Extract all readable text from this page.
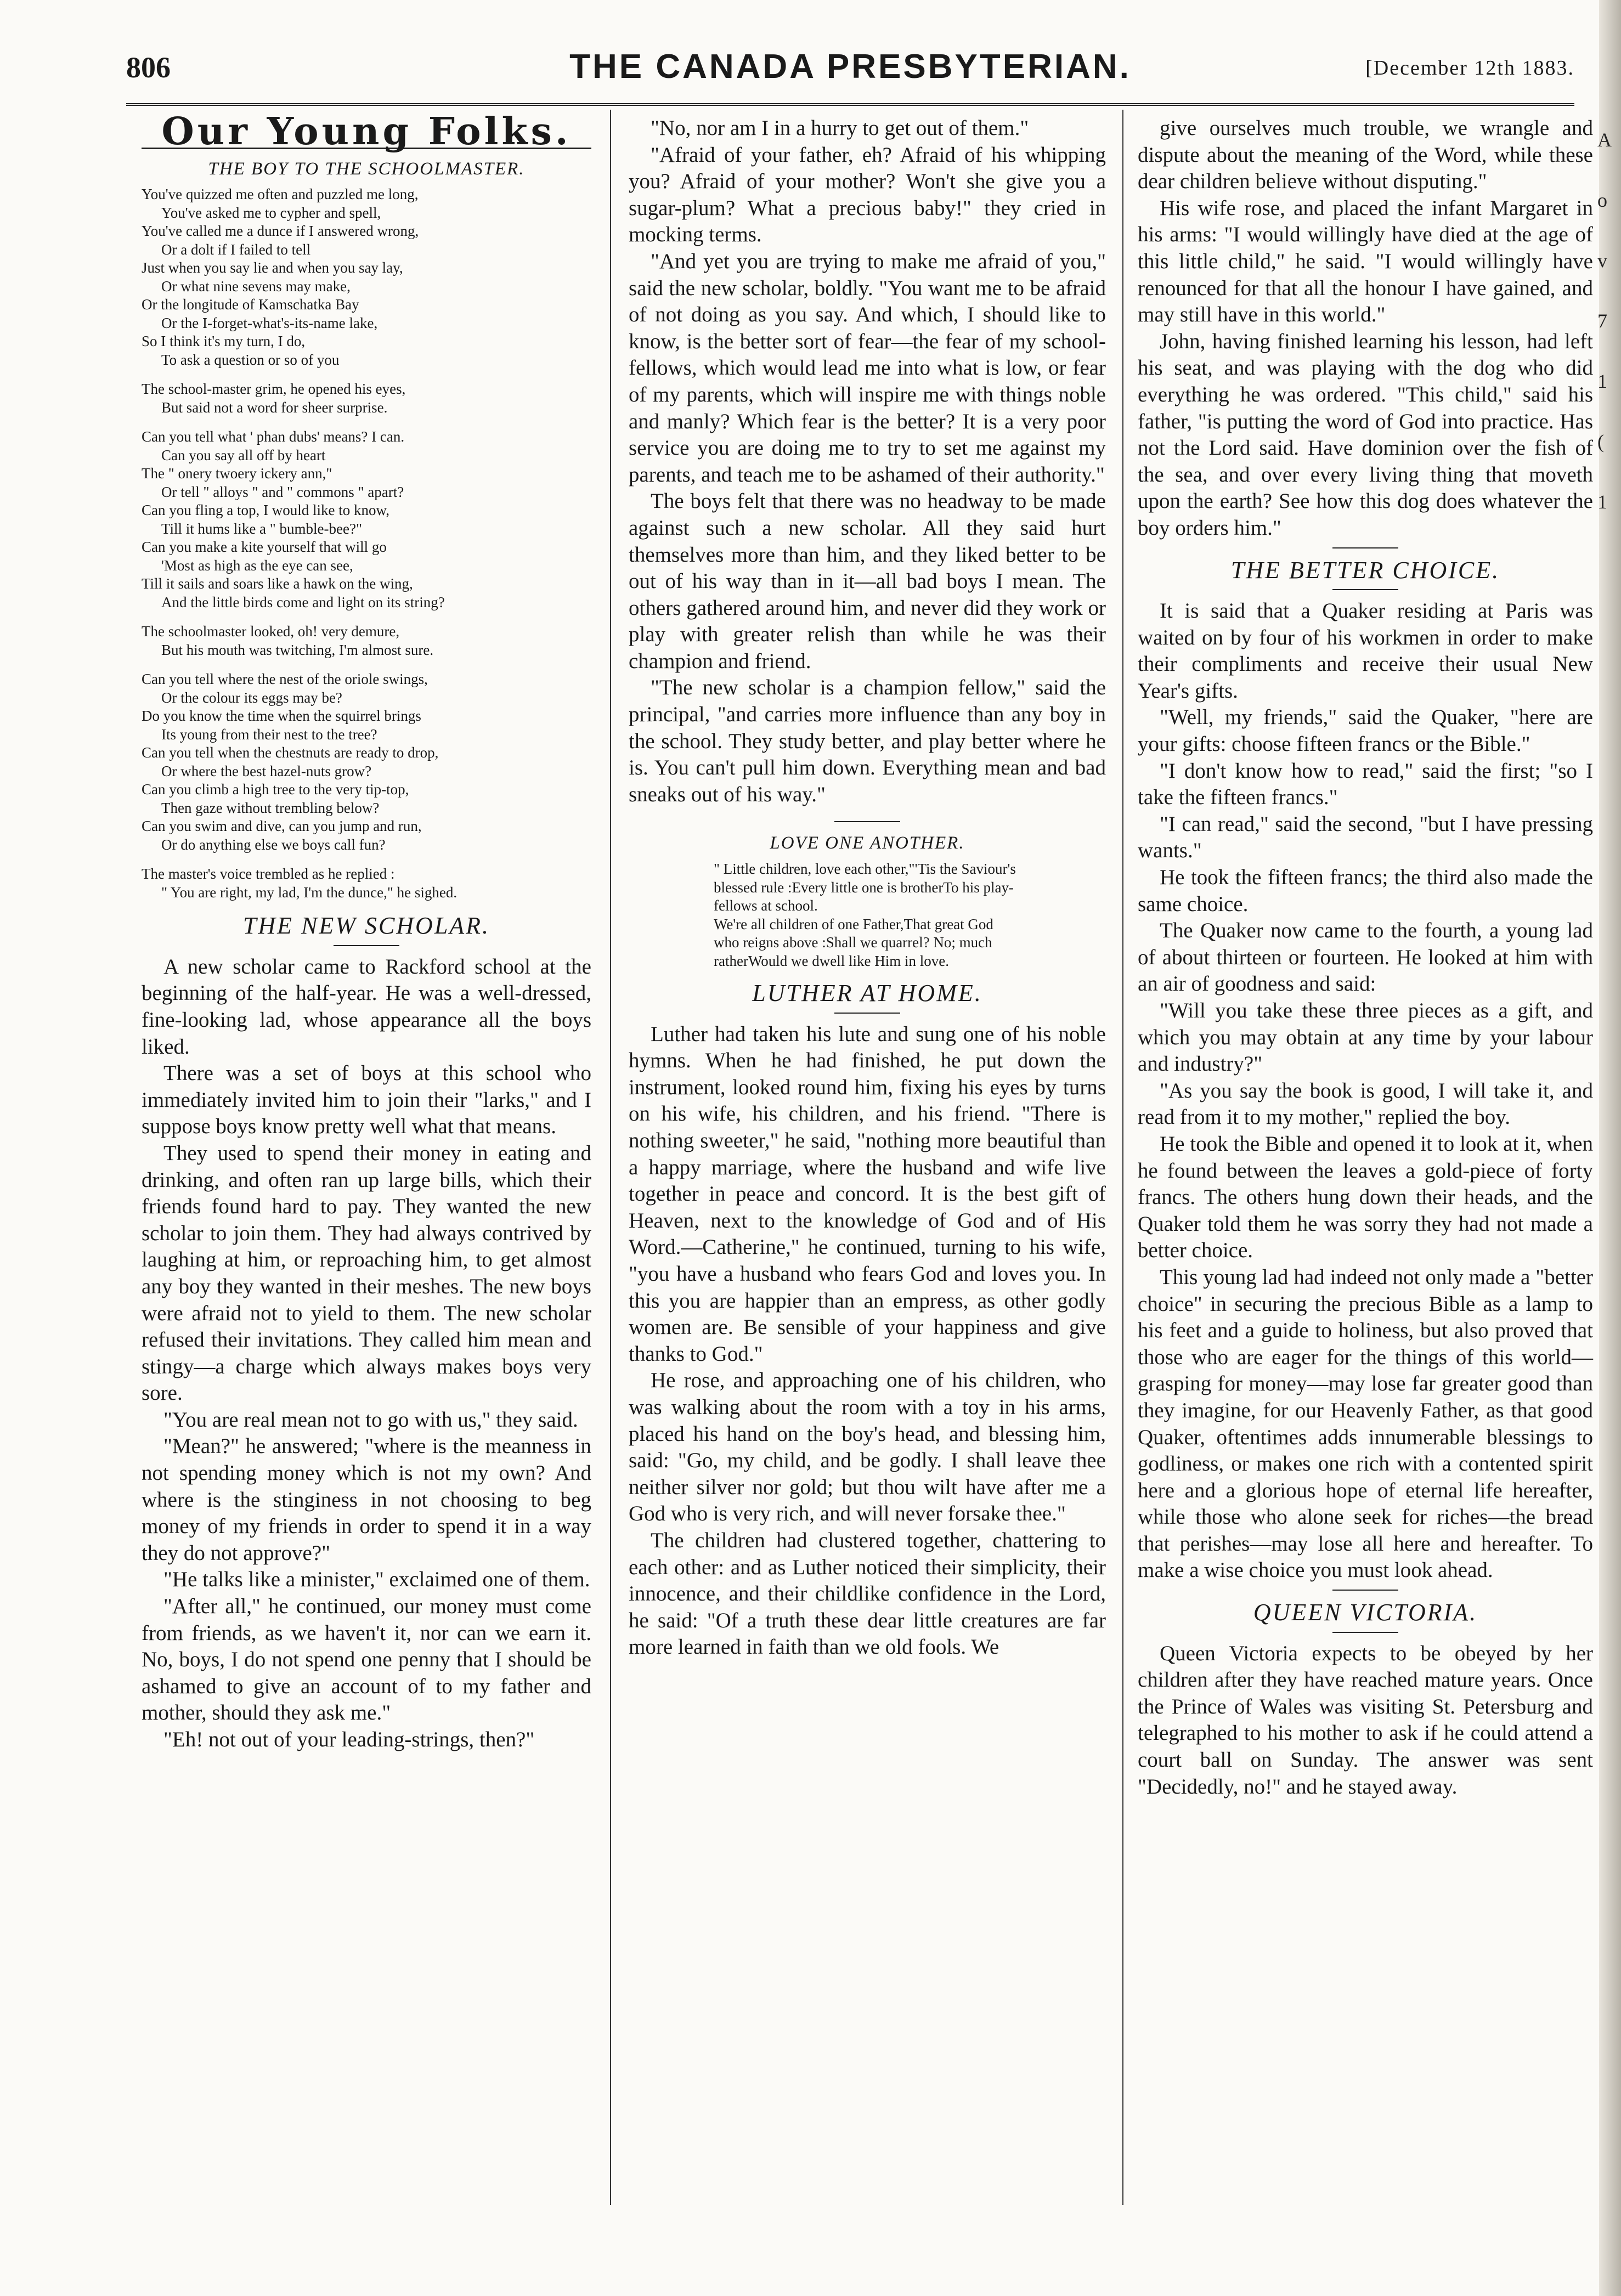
806	THE CANADA PRESBYTERIAN.	[December 12th 1883.
Our Young Folks.
THE BOY TO THE SCHOOLMASTER.
You've quizzed me often and puzzled me long,
You've asked me to cypher and spell,
You've called me a dunce if I answered wrong,
Or a dolt if I failed to tell
Just when you say lie and when you say lay,
Or what nine sevens may make,
Or the longitude of Kamschatka Bay
Or the I-forget-what's-its-name lake,
So I think it's my turn, I do,
To ask a question or so of you
The school-master grim, he opened his eyes,
But said not a word for sheer surprise.
Can you tell what ' phan dubs' means? I can.
Can you say all off by heart
The " onery twoery ickery ann,"
Or tell " alloys " and " commons " apart?
Can you fling a top, I would like to know,
Till it hums like a " bumble-bee?"
Can you make a kite yourself that will go
'Most as high as the eye can see,
Till it sails and soars like a hawk on the wing,
And the little birds come and light on its string?
The schoolmaster looked, oh! very demure,
But his mouth was twitching, I'm almost sure.
Can you tell where the nest of the oriole swings,
Or the colour its eggs may be?
Do you know the time when the squirrel brings
Its young from their nest to the tree?
Can you tell when the chestnuts are ready to drop,
Or where the best hazel-nuts grow?
Can you climb a high tree to the very tip-top,
Then gaze without trembling below?
Can you swim and dive, can you jump and run,
Or do anything else we boys call fun?
The master's voice trembled as he replied :
" You are right, my lad, I'm the dunce," he sighed.
THE NEW SCHOLAR.

A new scholar came to Rackford school at the beginning of the half-year. He was a well-dressed, fine-looking lad, whose appearance all the boys liked.

There was a set of boys at this school who immediately invited him to join their "larks," and I suppose boys know pretty well what that means.

They used to spend their money in eating and drinking, and often ran up large bills, which their friends found hard to pay. They wanted the new scholar to join them. They had always contrived by laughing at him, or reproaching him, to get almost any boy they wanted in their meshes. The new boys were afraid not to yield to them. The new scholar refused their invitations. They called him mean and stingy—a charge which always makes boys very sore.

"You are real mean not to go with us," they said.

"Mean?" he answered; "where is the meanness in not spending money which is not my own? And where is the stinginess in not choosing to beg money of my friends in order to spend it in a way they do not approve?"

"He talks like a minister," exclaimed one of them.

"After all," he continued, our money must come from friends, as we haven't it, nor can we earn it. No, boys, I do not spend one penny that I should be ashamed to give an account of to my father and mother, should they ask me."

"Eh! not out of your leading-strings, then?"

"No, nor am I in a hurry to get out of them."

"Afraid of your father, eh? Afraid of his whipping you? Afraid of your mother? Won't she give you a sugar-plum? What a precious baby!" they cried in mocking terms.

"And yet you are trying to make me afraid of you," said the new scholar, boldly. "You want me to be afraid of not doing as you say. And which, I should like to know, is the better sort of fear—the fear of my school-fellows, which would lead me into what is low, or fear of my parents, which will inspire me with things noble and manly? Which fear is the better? It is a very poor service you are doing me to try to set me against my parents, and teach me to be ashamed of their authority."

The boys felt that there was no headway to be made against such a new scholar. All they said hurt themselves more than him, and they liked better to be out of his way than in it—all bad boys I mean. The others gathered around him, and never did they work or play with greater relish than while he was their champion and friend.

"The new scholar is a champion fellow," said the principal, "and carries more influence than any boy in the school. They study better, and play better where he is. You can't pull him down. Everything mean and bad sneaks out of his way."

LOVE ONE ANOTHER.
" Little children, love each other,"'Tis the Saviour's blessed rule :Every little one is brotherTo his play-fellows at school.
We're all children of one Father,That great God who reigns above :Shall we quarrel? No; much ratherWould we dwell like Him in love.
LUTHER AT HOME.

Luther had taken his lute and sung one of his noble hymns. When he had finished, he put down the instrument, looked round him, fixing his eyes by turns on his wife, his children, and his friend. "There is nothing sweeter," he said, "nothing more beautiful than a happy marriage, where the husband and wife live together in peace and concord. It is the best gift of Heaven, next to the knowledge of God and of His Word.—Catherine," he continued, turning to his wife, "you have a husband who fears God and loves you. In this you are happier than an empress, as other godly women are. Be sensible of your happiness and give thanks to God."

He rose, and approaching one of his children, who was walking about the room with a toy in his arms, placed his hand on the boy's head, and blessing him, said: "Go, my child, and be godly. I shall leave thee neither silver nor gold; but thou wilt have after me a God who is very rich, and will never forsake thee."

The children had clustered together, chattering to each other: and as Luther noticed their simplicity, their innocence, and their childlike confidence in the Lord, he said: "Of a truth these dear little creatures are far more learned in faith than we old fools. We

give ourselves much trouble, we wrangle and dispute about the meaning of the Word, while these dear children believe without disputing."

His wife rose, and placed the infant Margaret in his arms: "I would willingly have died at the age of this little child," he said. "I would willingly have renounced for that all the honour I have gained, and may still have in this world."

John, having finished learning his lesson, had left his seat, and was playing with the dog who did everything he was ordered. "This child," said his father, "is putting the word of God into practice. Has not the Lord said. Have dominion over the fish of the sea, and over every living thing that moveth upon the earth? See how this dog does whatever the boy orders him."

THE BETTER CHOICE.

It is said that a Quaker residing at Paris was waited on by four of his workmen in order to make their compliments and receive their usual New Year's gifts.

"Well, my friends," said the Quaker, "here are your gifts: choose fifteen francs or the Bible."

"I don't know how to read," said the first; "so I take the fifteen francs."

"I can read," said the second, "but I have pressing wants."

He took the fifteen francs; the third also made the same choice.

The Quaker now came to the fourth, a young lad of about thirteen or fourteen. He looked at him with an air of goodness and said:

"Will you take these three pieces as a gift, and which you may obtain at any time by your labour and industry?"

"As you say the book is good, I will take it, and read from it to my mother," replied the boy.

He took the Bible and opened it to look at it, when he found between the leaves a gold-piece of forty francs. The others hung down their heads, and the Quaker told them he was sorry they had not made a better choice.

This young lad had indeed not only made a "better choice" in securing the precious Bible as a lamp to his feet and a guide to holiness, but also proved that those who are eager for the things of this world—grasping for money—may lose far greater good than they imagine, for our Heavenly Father, as that good Quaker, oftentimes adds innumerable blessings to godliness, or makes one rich with a contented spirit here and a glorious hope of eternal life hereafter, while those who alone seek for riches—the bread that perishes—may lose all here and hereafter. To make a wise choice you must look ahead.

QUEEN VICTORIA.

Queen Victoria expects to be obeyed by her children after they have reached mature years. Once the Prince of Wales was visiting St. Petersburg and telegraphed to his mother to ask if he could attend a court ball on Sunday. The answer was sent "Decidedly, no!" and he stayed away.

A
o
v
7
1
(
1
